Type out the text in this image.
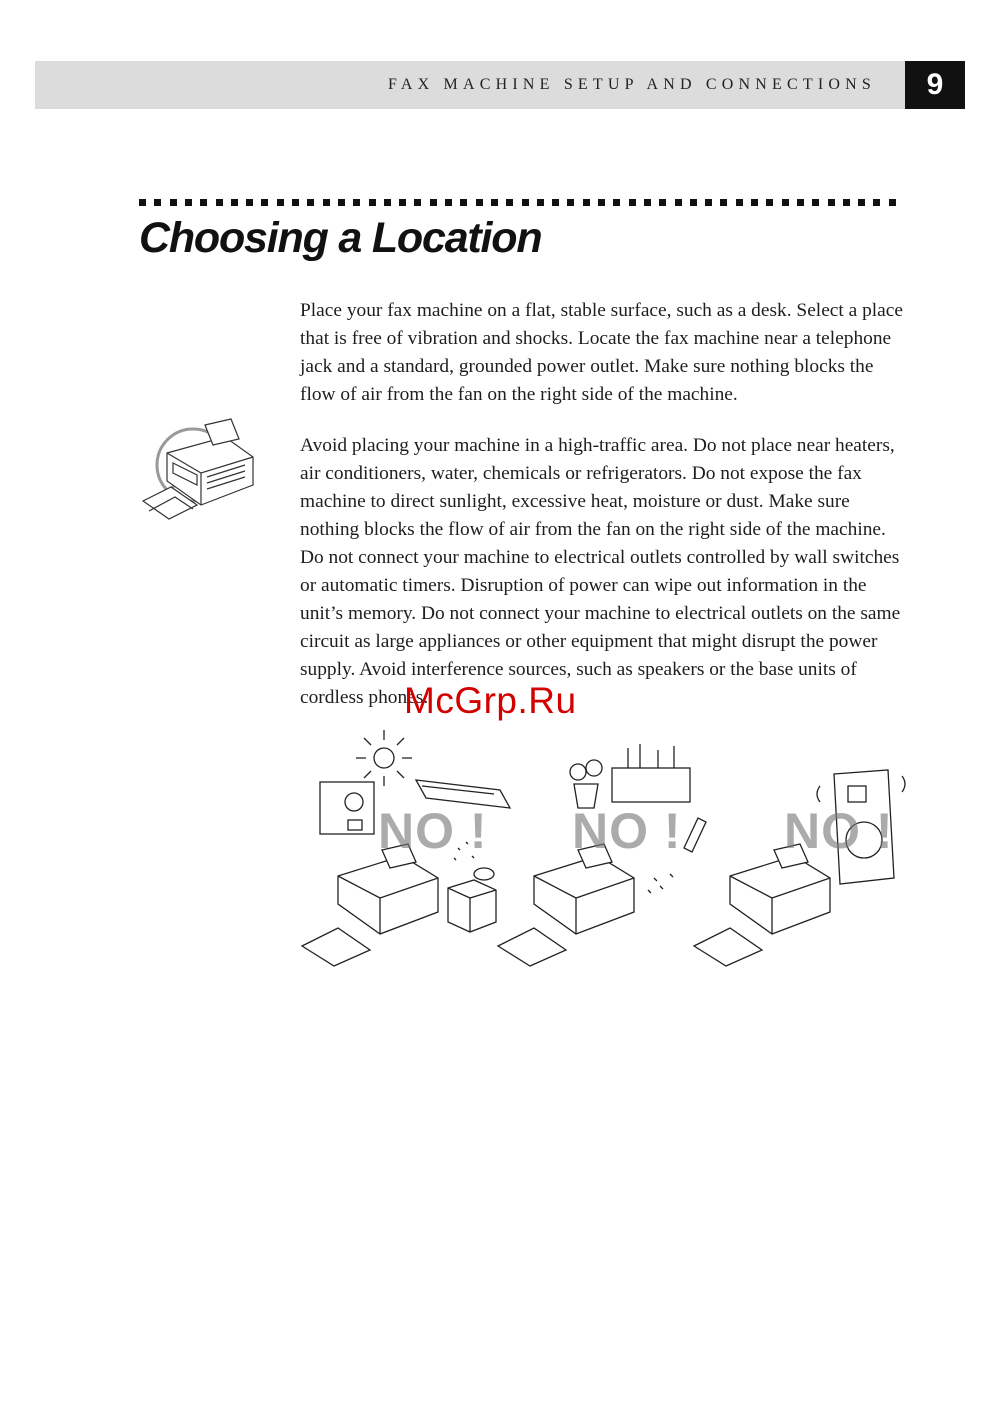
FAX MACHINE SETUP AND CONNECTIONS	9
Choosing a Location

Place your fax machine on a flat, stable surface, such as a desk. Select a place that is free of vibration and shocks. Locate the fax machine near a telephone jack and a standard, grounded power outlet. Make sure nothing blocks the flow of air from the fan on the right side of the machine.

Avoid placing your machine in a high-traffic area. Do not place near heaters, air conditioners, water, chemicals or refrigerators. Do not expose the fax machine to direct sunlight, excessive heat, moisture or dust. Make sure nothing blocks the flow of air from the fan on the right side of the machine. Do not connect your machine to electrical outlets controlled by wall switches or automatic timers. Disruption of power can wipe out information in the unit’s memory. Do not connect your machine to electrical outlets on the same circuit as large appliances or other equipment that might disrupt the power supply. Avoid interference sources, such as speakers or the base units of cordless phones.

NO ! NO ! NO !
McGrp.Ru
